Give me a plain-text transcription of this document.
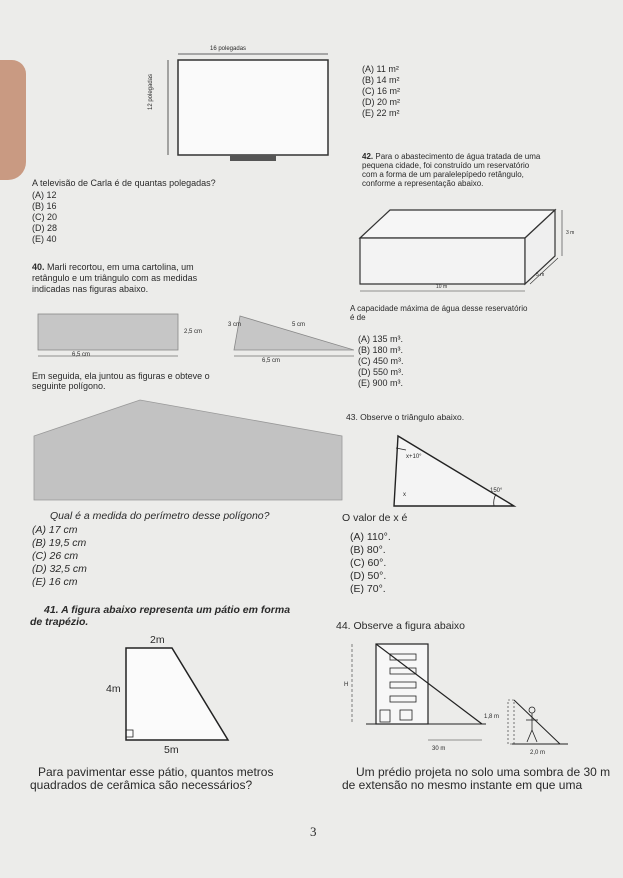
16 polegadas
12 polegadas
A televisão de Carla é de quantas polegadas?
(A) 12
(B) 16
(C) 20
(D) 28
(E) 40
(A) 11 m²
(B) 14 m²
(C) 16 m²
(D) 20 m²
(E) 22 m²
42. Para o abastecimento de água tratada de uma
pequena cidade, foi construído um reservatório
com a forma de um paralelepípedo retângulo,
conforme a representação abaixo.
3 m
5 m
10 m
A capacidade máxima de água desse reservatório
é de
(A) 135 m³.
(B) 180 m³.
(C) 450 m³.
(D) 550 m³.
(E) 900 m³.
40. Marli recortou, em uma cartolina, um
retângulo e um triângulo com as medidas
indicadas nas figuras abaixo.
2,5 cm
6,5 cm
3 cm	5 cm
6,5 cm
Em seguida, ela juntou as figuras e obteve o
seguinte polígono.
Qual é a medida do perímetro desse polígono?
(A) 17 cm
(B) 19,5 cm
(C) 26 cm
(D) 32,5 cm
(E) 16 cm
43. Observe o triângulo abaixo.
x+10°
x
150°
O valor de x é
(A) 110°.
(B) 80°.
(C) 60°.
(D) 50°.
(E) 70°.
41. A figura abaixo representa um pátio em forma
de trapézio.
2m
4m
5m
Para pavimentar esse pátio, quantos metros
quadrados de cerâmica são necessários?
44. Observe a figura abaixo
H
30 m
1,8 m
2,0 m
Um prédio projeta no solo uma sombra de 30 m
de extensão no mesmo instante em que uma
3
